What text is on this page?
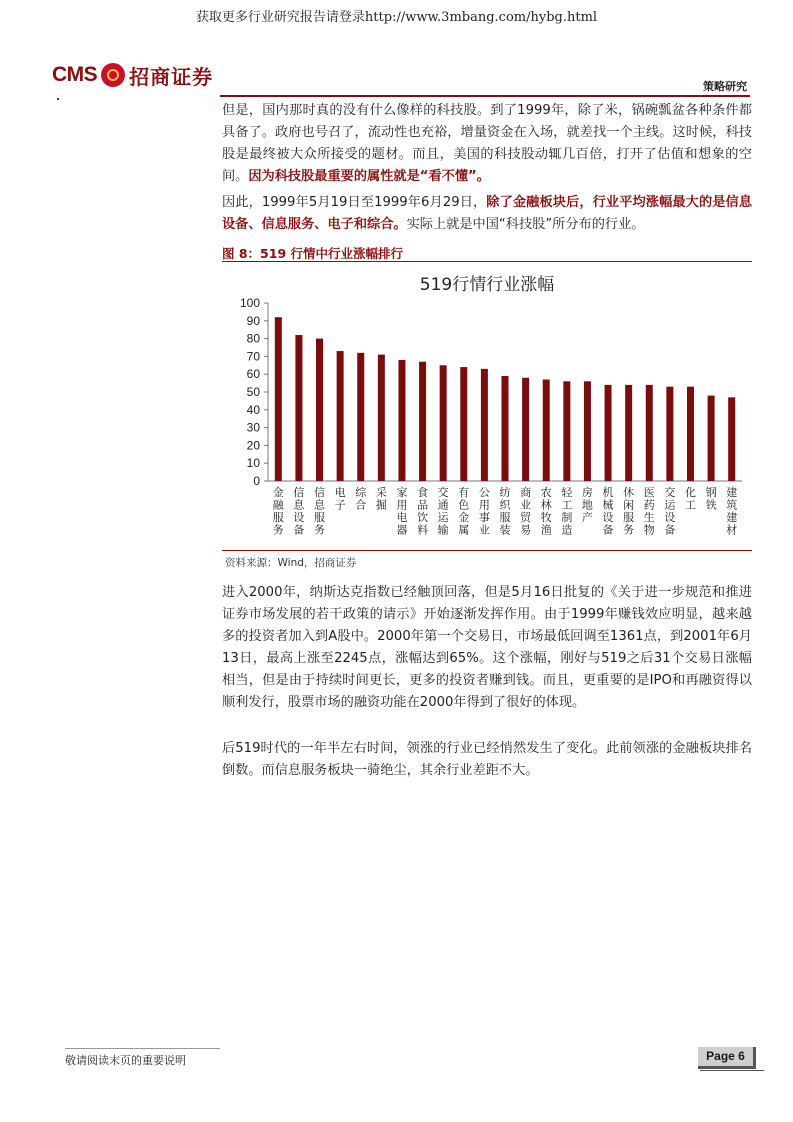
获取更多行业研究报告请登录http://www.3mbang.com/hybg.html
CMS 招商证券	策略研究

但是，国内那时真的没有什么像样的科技股。到了1999年，除了米，锅碗瓢盆各种条件都具备了。政府也号召了，流动性也充裕，增量资金在入场，就差找一个主线。这时候，科技股是最终被大众所接受的题材。而且，美国的科技股动辄几百倍，打开了估值和想象的空间。因为科技股最重要的属性就是“看不懂”。

因此，1999年5月19日至1999年6月29日，除了金融板块后，行业平均涨幅最大的是信息设备、信息服务、电子和综合。实际上就是中国“科技股”所分布的行业。

图 8：519 行情中行业涨幅排行
519行情行业涨幅
0
10
20
30
40
50
60
70
80
90
100
金融服务
信息设备
信息服务
电子
综合
采掘
家用电器
食品饮料
交通运输
有色金属
公用事业
纺织服装
商业贸易
农林牧渔
轻工制造
房地产
机械设备
休闲服务
医药生物
交运设备
化工
钢铁
建筑建材
资料来源：Wind，招商证券

进入2000年，纳斯达克指数已经触顶回落，但是5月16日批复的《关于进一步规范和推进证券市场发展的若干政策的请示》开始逐渐发挥作用。由于1999年赚钱效应明显，越来越多的投资者加入到A股中。2000年第一个交易日，市场最低回调至1361点，到2001年6月13日，最高上涨至2245点，涨幅达到65%。这个涨幅，刚好与519之后31个交易日涨幅相当，但是由于持续时间更长，更多的投资者赚到钱。而且，更重要的是IPO和再融资得以顺利发行，股票市场的融资功能在2000年得到了很好的体现。

后519时代的一年半左右时间，领涨的行业已经悄然发生了变化。此前领涨的金融板块排名倒数。而信息服务板块一骑绝尘，其余行业差距不大。

敬请阅读末页的重要说明	Page 6
